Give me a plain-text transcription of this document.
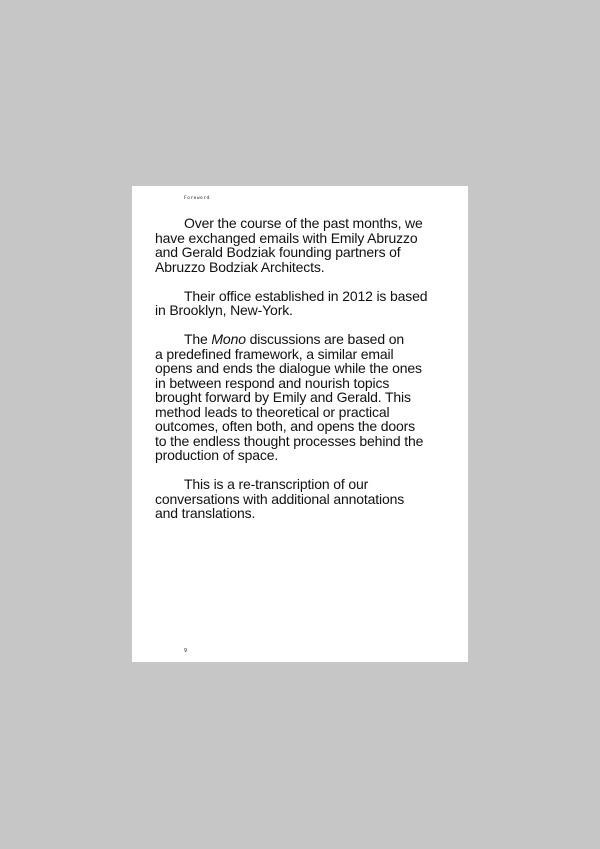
Foreword
Over the course of the past months, we
have exchanged emails with Emily Abruzzo
and Gerald Bodziak founding partners of
Abruzzo Bodziak Architects.
Their office established in 2012 is based
in Brooklyn, New-York.
The Mono discussions are based on
a predefined framework, a similar email
opens and ends the dialogue while the ones
in between respond and nourish topics
brought forward by Emily and Gerald. This
method leads to theoretical or practical
outcomes, often both, and opens the doors
to the endless thought processes behind the
production of space.
This is a re-transcription of our
conversations with additional annotations
and translations.
9
